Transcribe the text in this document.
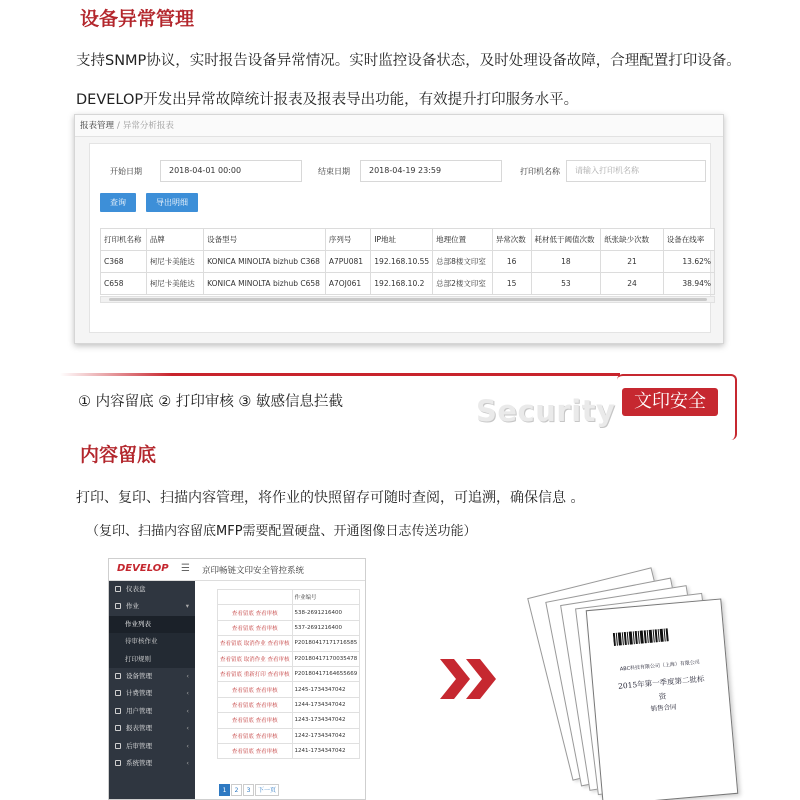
设备异常管理
支持SNMP协议，实时报告设备异常情况。实时监控设备状态，及时处理设备故障，合理配置打印设备。
DEVELOP开发出异常故障统计报表及报表导出功能，有效提升打印服务水平。
报表管理 / 异常分析报表
开始日期	2018-04-01 00:00	结束日期	2018-04-19 23:59	打印机名称	请输入打印机名称
查询	导出明细
打印机名称	品牌	设备型号	序列号	IP地址	地理位置	异常次数	耗材低于阈值次数	纸张缺少次数	设备在线率
C368	柯尼卡美能达	KONICA MINOLTA bizhub C368	A7PU081	192.168.10.55	总部8楼文印室	16	18	21	13.62%
C658	柯尼卡美能达	KONICA MINOLTA bizhub C658	A7OJ061	192.168.10.2	总部2楼文印室	15	53	24	38.94%
① 内容留底 ② 打印审核 ③ 敏感信息拦截	Security	文印安全
内容留底
打印、复印、扫描内容管理，将作业的快照留存可随时查阅，可追溯，确保信息 。
（复印、扫描内容留底MFP需要配置硬盘、开通图像日志传送功能）
DEVELOP ☰ 京印畅链文印安全管控系统
仪表盘
作业	▾
作业列表
待审核作业
打印规则
设备管理	‹
计费管理	‹
用户管理	‹
报表管理	‹
后审管理	‹
系统管理	‹
	作业编号
查看留底 查看审核	538-2691216400
查看留底 查看审核	537-2691216400
查看留底 取消作业 查看审核	P20180417171716585
查看留底 取消作业 查看审核	P20180417170035478
查看留底 重新打印 查看审核	P20180417164655669
查看留底 查看审核	1245-1734347042
查看留底 查看审核	1244-1734347042
查看留底 查看审核	1243-1734347042
查看留底 查看审核	1242-1734347042
查看留底 查看审核	1241-1734347042
1 2 3 下一页
ABC科技有限公司（上海）有限公司
2015年第一季度第二批标
资
销售合同
